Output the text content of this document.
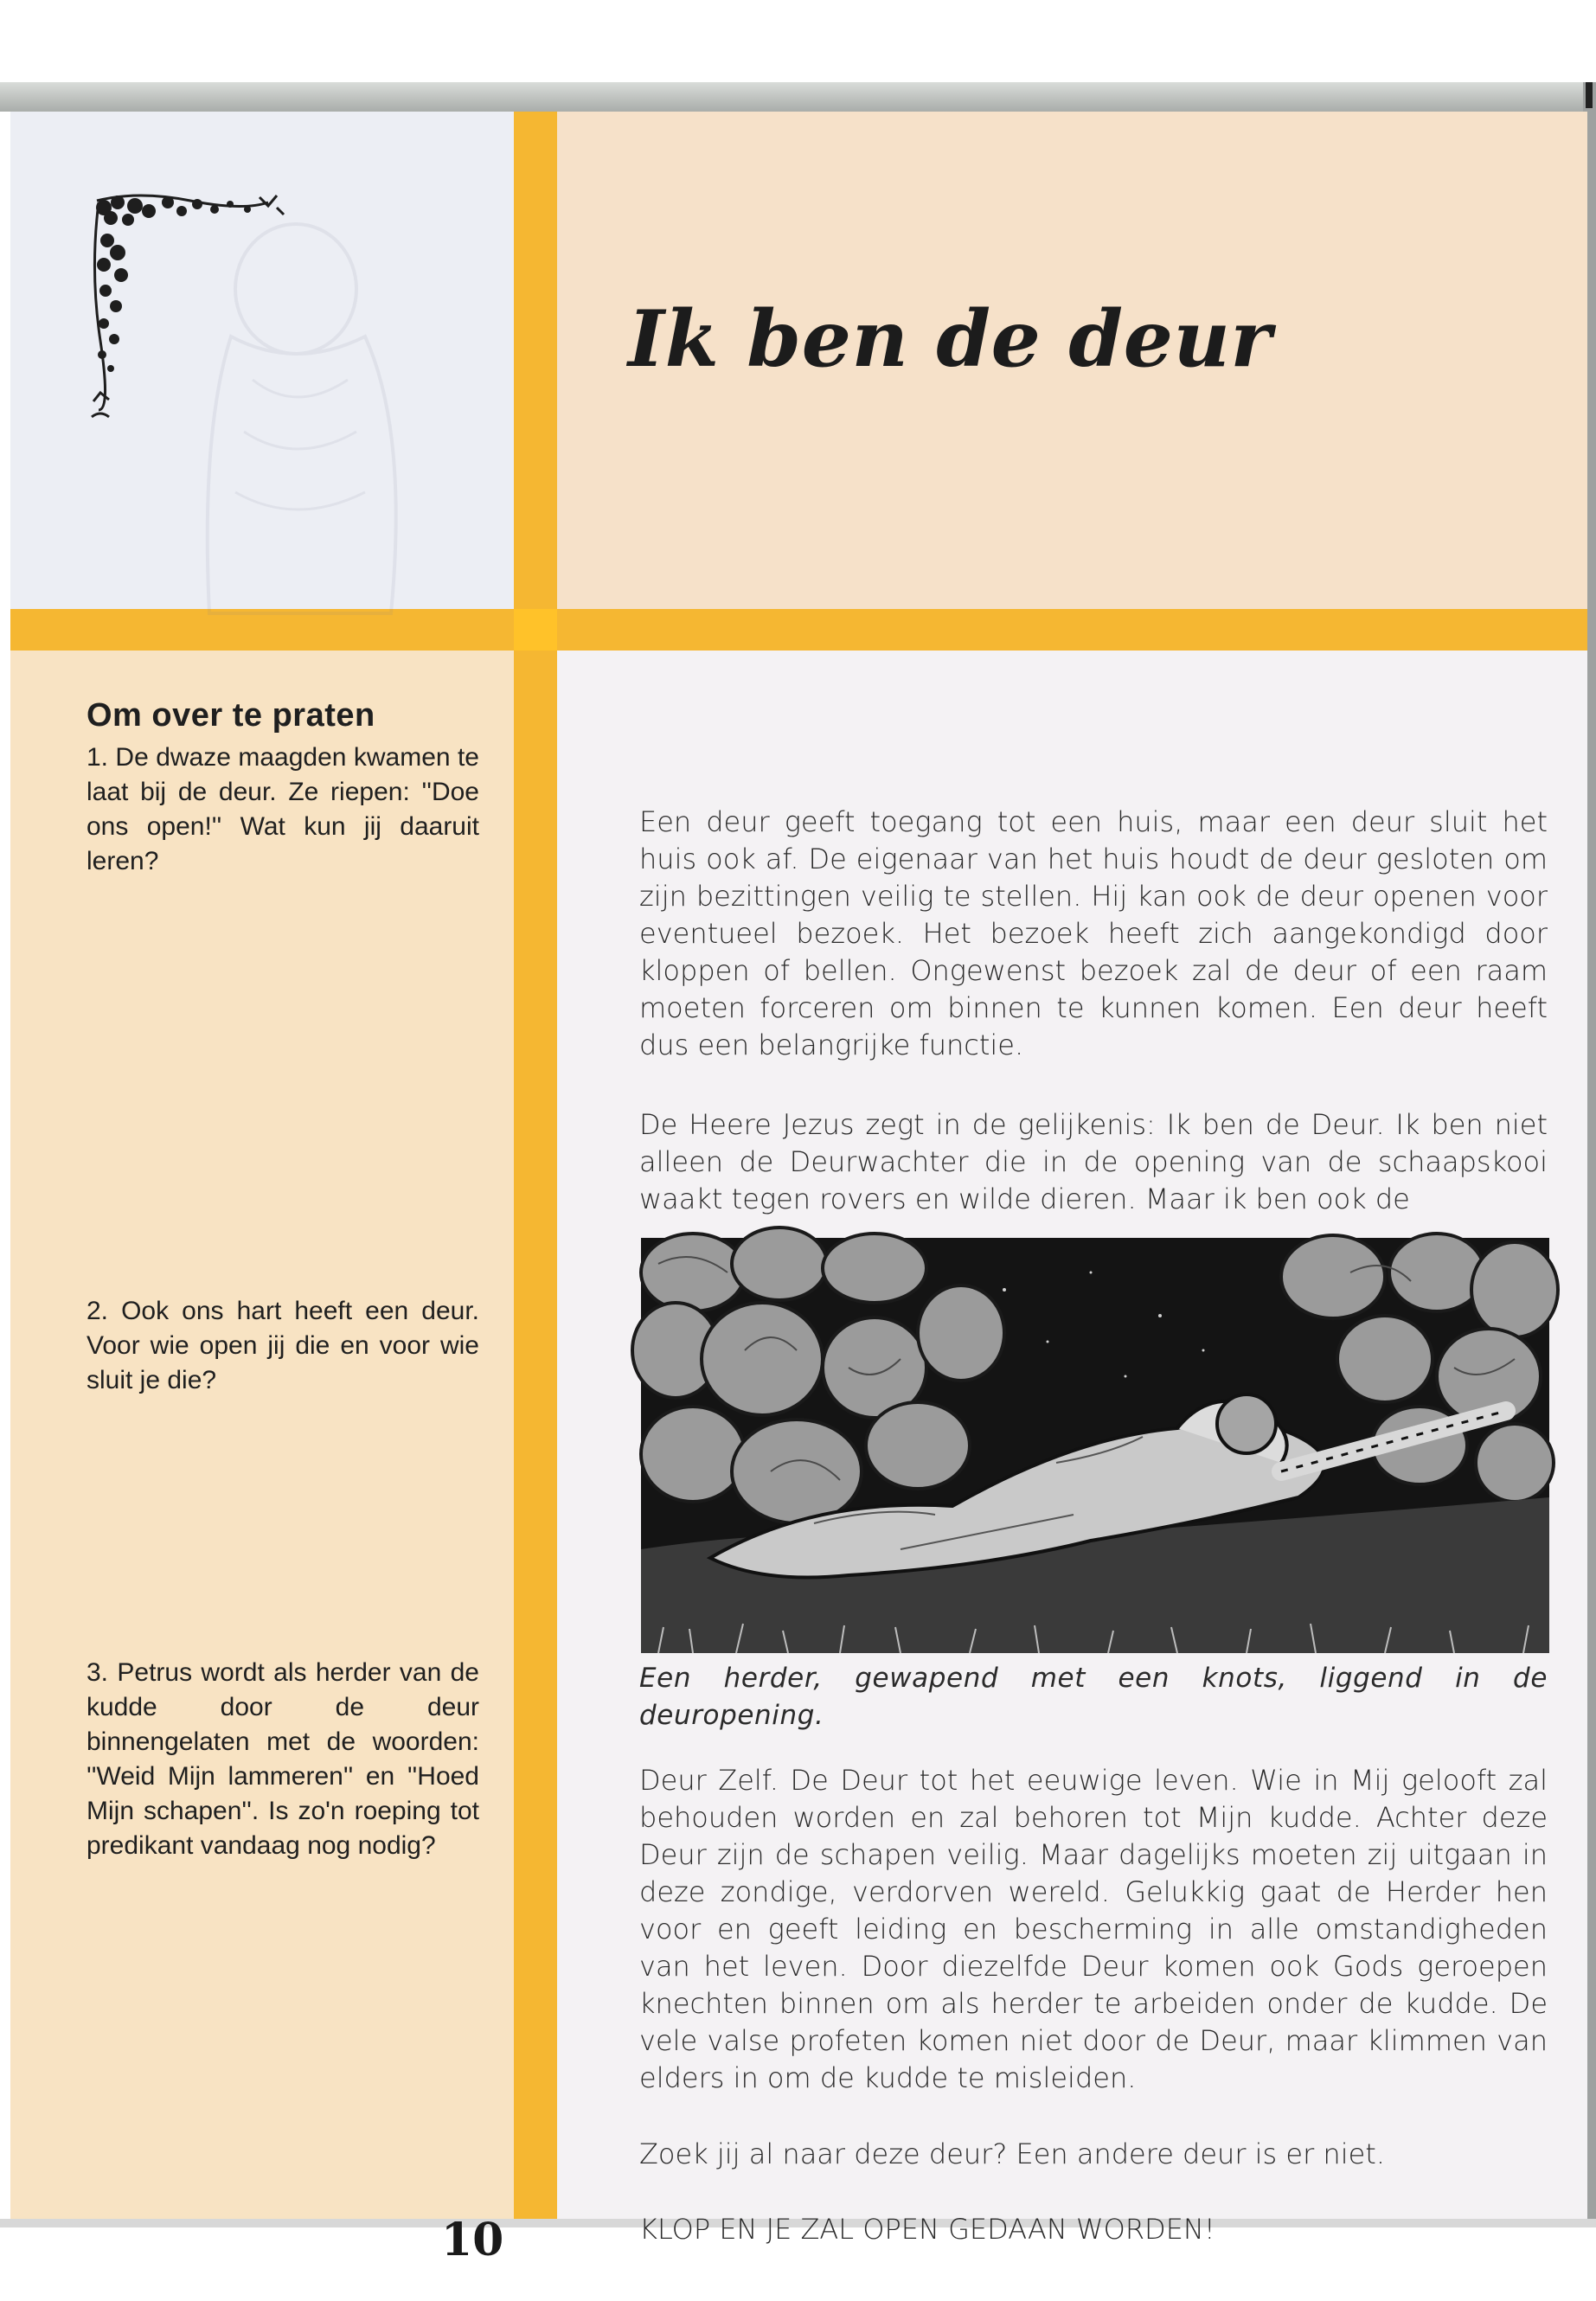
Ik ben de deur
Om over te praten

1. De dwaze maagden kwamen te laat bij de deur. Ze riepen: ''Doe ons open!'' Wat kun jij daaruit leren?

2. Ook ons hart heeft een deur. Voor wie open jij die en voor wie sluit je die?

3. Petrus wordt als herder van de kudde door de deur binnengelaten met de woorden: ''Weid Mijn lammeren'' en ''Hoed Mijn schapen''. Is zo'n roeping tot predikant vandaag nog nodig?

10

Een deur geeft toegang tot een huis, maar een deur sluit het huis ook af. De eigenaar van het huis houdt de deur gesloten om zijn bezittingen veilig te stellen. Hij kan ook de deur openen voor eventueel bezoek. Het bezoek heeft zich aangekondigd door kloppen of bellen. Ongewenst bezoek zal de deur of een raam moeten forceren om binnen te kunnen komen. Een deur heeft dus een belangrijke functie.

De Heere Jezus zegt in de gelijkenis: Ik ben de Deur. Ik ben niet alleen de Deurwachter die in de opening van de schaapskooi waakt tegen rovers en wilde dieren. Maar ik ben ook de

Een herder, gewapend met een knots, liggend in de deuropening.

Deur Zelf. De Deur tot het eeuwige leven. Wie in Mij gelooft zal behouden worden en zal behoren tot Mijn kudde. Achter deze Deur zijn de schapen veilig. Maar dagelijks moeten zij uitgaan in deze zondige, verdorven wereld. Gelukkig gaat de Herder hen voor en geeft leiding en bescherming in alle omstandigheden van het leven. Door diezelfde Deur komen ook Gods geroepen knechten binnen om als herder te arbeiden onder de kudde. De vele valse profeten komen niet door de Deur, maar klimmen van elders in om de kudde te misleiden.

Zoek jij al naar deze deur? Een andere deur is er niet.

KLOP EN JE ZAL OPEN GEDAAN WORDEN!
